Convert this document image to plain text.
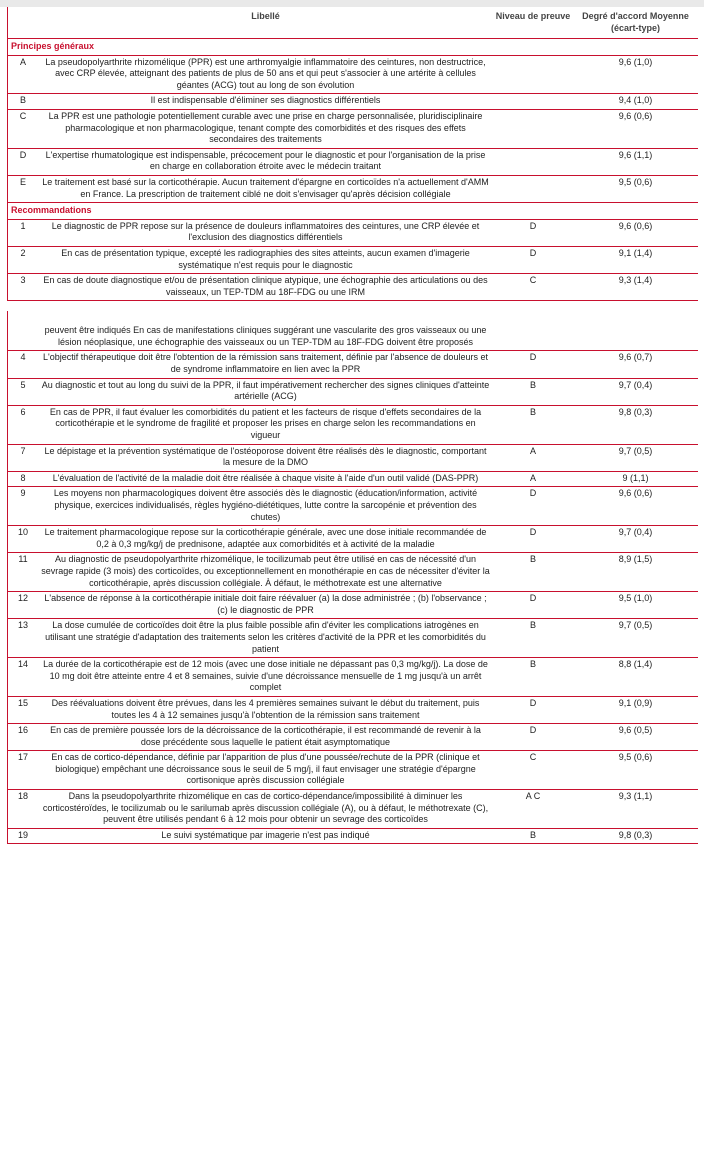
	Libellé	Niveau de preuve	Degré d'accord Moyenne (écart-type)
Principes généraux			
A	La pseudopolyarthrite rhizomélique (PPR) est une arthromyalgie inflammatoire des ceintures, non destructrice, avec CRP élevée, atteignant des patients de plus de 50 ans et qui peut s'associer à une artérite à cellules géantes (ACG) tout au long de son évolution		9,6 (1,0)
B	Il est indispensable d'éliminer ses diagnostics différentiels		9,4 (1,0)
C	La PPR est une pathologie potentiellement curable avec une prise en charge personnalisée, pluridisciplinaire pharmacologique et non pharmacologique, tenant compte des comorbidités et des risques des effets secondaires des traitements		9,6 (0,6)
D	L'expertise rhumatologique est indispensable, précocement pour le diagnostic et pour l'organisation de la prise en charge en collaboration étroite avec le médecin traitant		9,6 (1,1)
E	Le traitement est basé sur la corticothérapie. Aucun traitement d'épargne en corticoïdes n'a actuellement d'AMM en France. La prescription de traitement ciblé ne doit s'envisager qu'après décision collégiale		9,5 (0,6)
Recommandations			
1	Le diagnostic de PPR repose sur la présence de douleurs inflammatoires des ceintures, une CRP élevée et l'exclusion des diagnostics différentiels	D	9,6 (0,6)
2	En cas de présentation typique, excepté les radiographies des sites atteints, aucun examen d'imagerie systématique n'est requis pour le diagnostic	D	9,1 (1,4)
3	En cas de doute diagnostique et/ou de présentation clinique atypique, une échographie des articulations ou des vaisseaux, un TEP-TDM au 18F-FDG ou une IRM	C	9,3 (1,4)
	peuvent être indiqués En cas de manifestations cliniques suggérant une vascularite des gros vaisseaux ou une lésion néoplasique, une échographie des vaisseaux ou un TEP-TDM au 18F-FDG doivent être proposés		
4	L'objectif thérapeutique doit être l'obtention de la rémission sans traitement, définie par l'absence de douleurs et de syndrome inflammatoire en lien avec la PPR	D	9,6 (0,7)
5	Au diagnostic et tout au long du suivi de la PPR, il faut impérativement rechercher des signes cliniques d'atteinte artérielle (ACG)	B	9,7 (0,4)
6	En cas de PPR, il faut évaluer les comorbidités du patient et les facteurs de risque d'effets secondaires de la corticothérapie et le syndrome de fragilité et proposer les prises en charge selon les recommandations en vigueur	B	9,8 (0,3)
7	Le dépistage et la prévention systématique de l'ostéoporose doivent être réalisés dès le diagnostic, comportant la mesure de la DMO	A	9,7 (0,5)
8	L'évaluation de l'activité de la maladie doit être réalisée à chaque visite à l'aide d'un outil validé (DAS-PPR)	A	9 (1,1)
9	Les moyens non pharmacologiques doivent être associés dès le diagnostic (éducation/information, activité physique, exercices individualisés, règles hygiéno-diététiques, lutte contre la sarcopénie et prévention des chutes)	D	9,6 (0,6)
10	Le traitement pharmacologique repose sur la corticothérapie générale, avec une dose initiale recommandée de 0,2 à 0,3 mg/kg/j de prednisone, adaptée aux comorbidités et à activité de la maladie	D	9,7 (0,4)
11	Au diagnostic de pseudopolyarthrite rhizomélique, le tocilizumab peut être utilisé en cas de nécessité d'un sevrage rapide (3 mois) des corticoïdes, ou exceptionnellement en monothérapie en cas de nécessiter d'éviter la corticothérapie, après discussion collégiale. À défaut, le méthotrexate est une alternative	B	8,9 (1,5)
12	L'absence de réponse à la corticothérapie initiale doit faire réévaluer (a) la dose administrée ; (b) l'observance ; (c) le diagnostic de PPR	D	9,5 (1,0)
13	La dose cumulée de corticoïdes doit être la plus faible possible afin d'éviter les complications iatrogènes en utilisant une stratégie d'adaptation des traitements selon les critères d'activité de la PPR et les comorbidités du patient	B	9,7 (0,5)
14	La durée de la corticothérapie est de 12 mois (avec une dose initiale ne dépassant pas 0,3 mg/kg/j). La dose de 10 mg doit être atteinte entre 4 et 8 semaines, suivie d'une décroissance mensuelle de 1 mg jusqu'à un arrêt complet	B	8,8 (1,4)
15	Des réévaluations doivent être prévues, dans les 4 premières semaines suivant le début du traitement, puis toutes les 4 à 12 semaines jusqu'à l'obtention de la rémission sans traitement	D	9,1 (0,9)
16	En cas de première poussée lors de la décroissance de la corticothérapie, il est recommandé de revenir à la dose précédente sous laquelle le patient était asymptomatique	D	9,6 (0,5)
17	En cas de cortico-dépendance, définie par l'apparition de plus d'une poussée/rechute de la PPR (clinique et biologique) empêchant une décroissance sous le seuil de 5 mg/j, il faut envisager une stratégie d'épargne cortisonique après discussion collégiale	C	9,5 (0,6)
18	Dans la pseudopolyarthrite rhizomélique en cas de cortico-dépendance/impossibilité à diminuer les corticostéroïdes, le tocilizumab ou le sarilumab après discussion collégiale (A), ou à défaut, le méthotrexate (C), peuvent être utilisés pendant 6 à 12 mois pour obtenir un sevrage des corticoïdes	A C	9,3 (1,1)
19	Le suivi systématique par imagerie n'est pas indiqué	B	9,8 (0,3)
